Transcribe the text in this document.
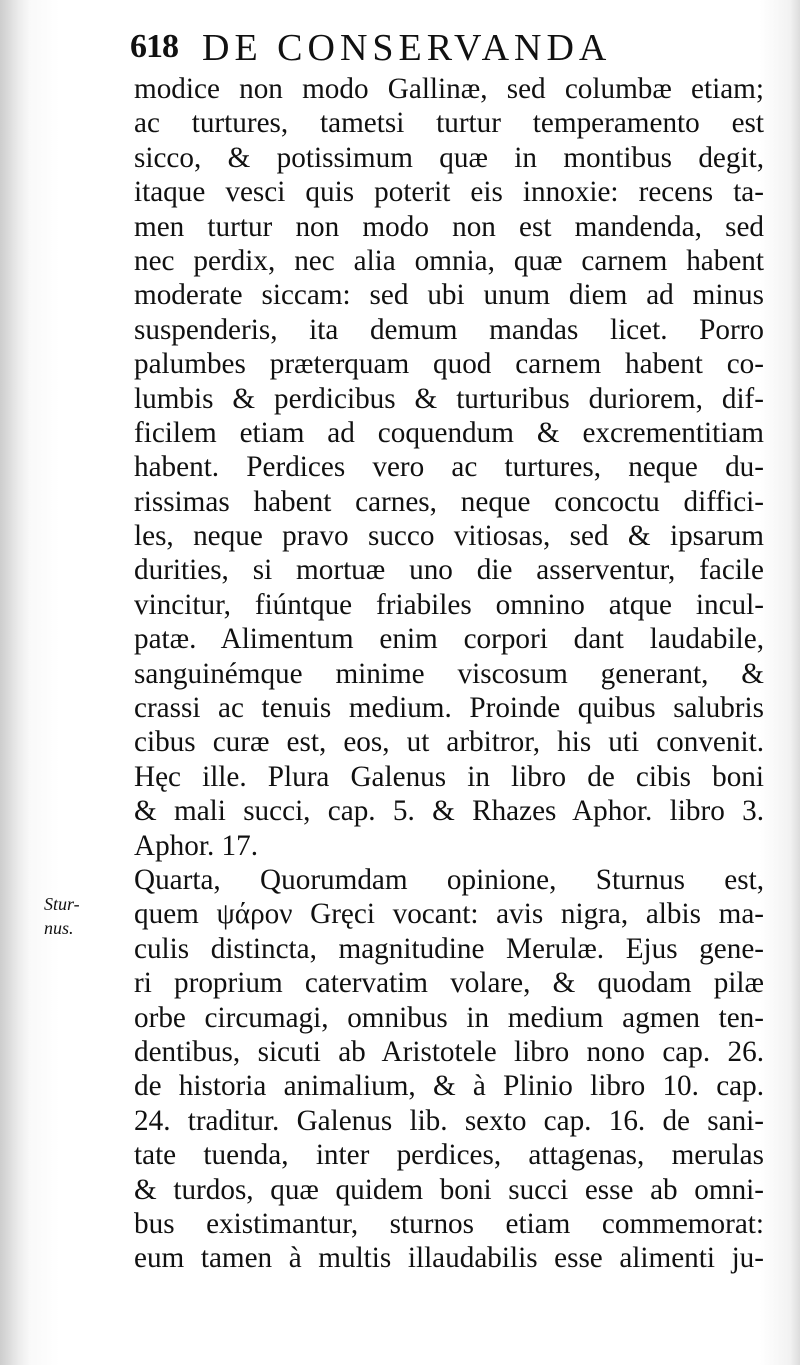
618 DE CONSERVANDA
Stur-
nus.
modice non modo Gallinæ, sed columbæ etiam;
ac turtures, tametsi turtur temperamento est
sicco, & potissimum quæ in montibus degit,
itaque vesci quis poterit eis innoxie: recens ta-
men turtur non modo non est mandenda, sed
nec perdix, nec alia omnia, quæ carnem habent
moderate siccam: sed ubi unum diem ad minus
suspenderis, ita demum mandas licet. Porro
palumbes præterquam quod carnem habent co-
lumbis & perdicibus & turturibus duriorem, dif-
ficilem etiam ad coquendum & excrementitiam
habent. Perdices vero ac turtures, neque du-
rissimas habent carnes, neque concoctu diffici-
les, neque pravo succo vitiosas, sed & ipsarum
durities, si mortuæ uno die asserventur, facile
vincitur, fiúntque friabiles omnino atque incul-
patæ. Alimentum enim corpori dant laudabile,
sanguinémque minime viscosum generant, &
crassi ac tenuis medium. Proinde quibus salubris
cibus curæ est, eos, ut arbitror, his uti convenit.
Hęc ille. Plura Galenus in libro de cibis boni
& mali succi, cap. 5. & Rhazes Aphor. libro 3.
Aphor. 17.
Quarta, Quorumdam opinione, Sturnus est,
quem ψάρον Gręci vocant: avis nigra, albis ma-
culis distincta, magnitudine Merulæ. Ejus gene-
ri proprium catervatim volare, & quodam pilæ
orbe circumagi, omnibus in medium agmen ten-
dentibus, sicuti ab Aristotele libro nono cap. 26.
de historia animalium, & à Plinio libro 10. cap.
24. traditur. Galenus lib. sexto cap. 16. de sani-
tate tuenda, inter perdices, attagenas, merulas
& turdos, quæ quidem boni succi esse ab omni-
bus existimantur, sturnos etiam commemorat:
eum tamen à multis illaudabilis esse alimenti ju-
